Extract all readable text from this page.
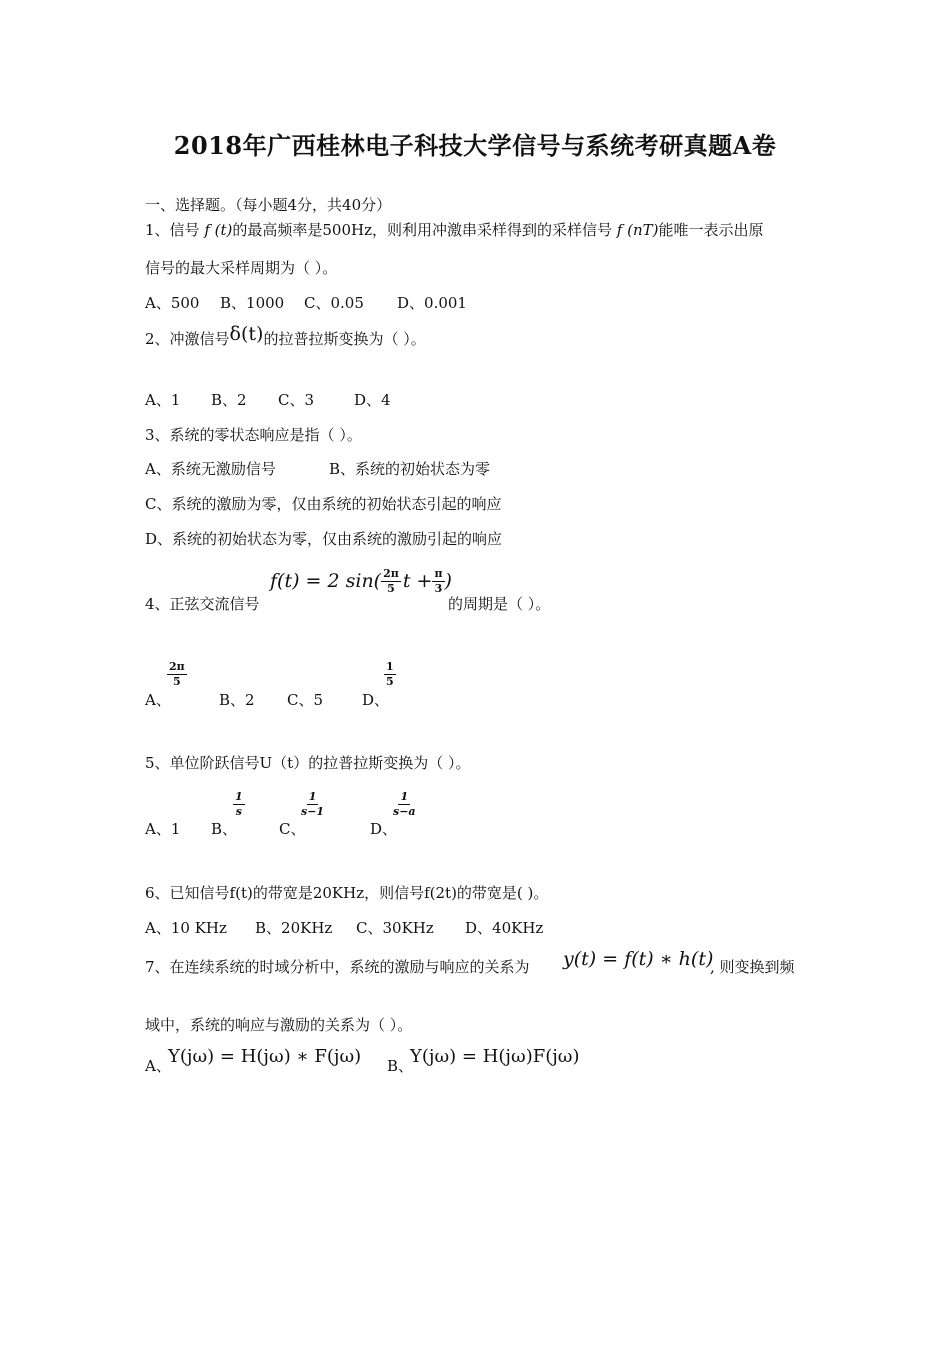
2018年广西桂林电子科技大学信号与系统考研真题A卷
一、选择题。（每小题4分，共40分）
1、信号 f (t)的最高频率是500Hz，则利用冲激串采样得到的采样信号 f (nT)能唯一表示出原
信号的最大采样周期为（ ）。
A、500 B、1000 C、0.05 D、0.001
2、冲激信号δ(t)的拉普拉斯变换为（ ）。
A、1 B、2 C、3	D、4
3、系统的零状态响应是指（ ）。
A、系统无激励信号	B、系统的初始状态为零
C、系统的激励为零，仅由系统的初始状态引起的响应
D、系统的初始状态为零，仅由系统的激励引起的响应
4、正弦交流信号
f(t) = 2 $\sin( \frac{2\pi}{5}$ $t + \frac{\pi}{3}$ )
的周期是（ ）。
A、
$\frac{2\pi}{5}$
B、2 C、5	D、
$\frac{1}{5}$
5、单位阶跃信号U（t）的拉普拉斯变换为（ ）。
A、1 B、
$\frac{1}{s}$
C、
$\frac{1}{s-1}$
D、
$\frac{1}{s-a}$
6、已知信号f(t)的带宽是20KHz，则信号f(2t)的带宽是( )。
A、10 KHz B、20KHz C、30KHz D、40KHz
7、在连续系统的时域分析中，系统的激励与响应的关系为 y(t) = f(t) ∗ h(t)
, 则变换到频
域中，系统的响应与激励的关系为（ ）。
A、
Y(jω) = H(jω) ∗ F(jω) B、
Y(jω) = H(jω)F(jω)
